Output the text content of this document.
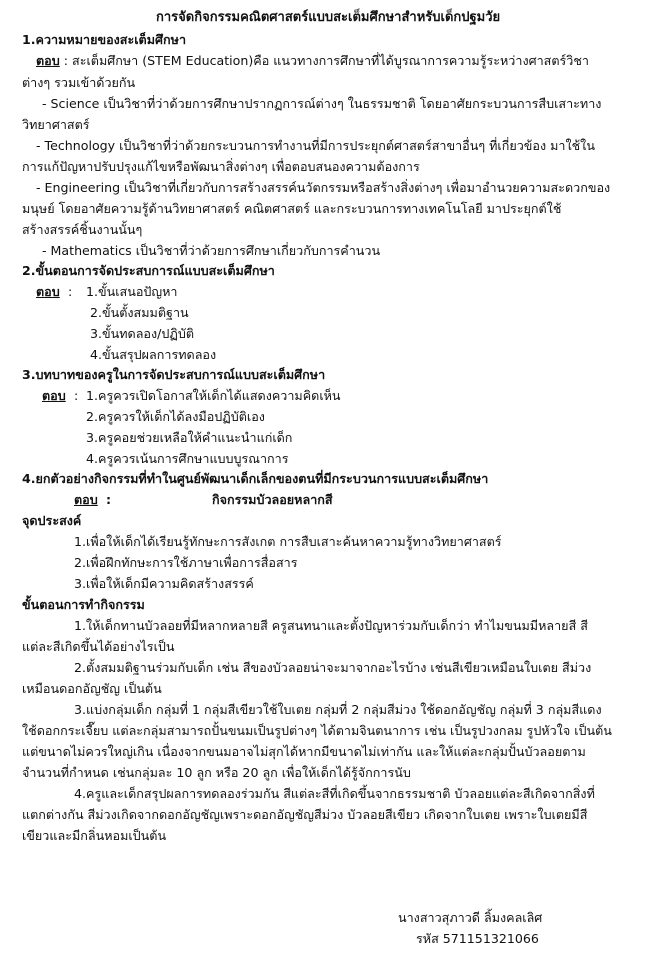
การจัดกิจกรรมคณิตศาสตร์แบบสะเต็มศึกษาสำหรับเด็กปฐมวัย
1.ความหมายของสะเต็มศึกษา
ตอบ : สะเต็มศึกษา (STEM Education)คือ แนวทางการศึกษาที่ได้บูรณาการความรู้ระหว่างศาสตร์วิชา
ต่างๆ รวมเข้าด้วยกัน
- Science เป็นวิชาที่ว่าด้วยการศึกษาปรากฏการณ์ต่างๆ ในธรรมชาติ โดยอาศัยกระบวนการสืบเสาะทาง
วิทยาศาสตร์
- Technology เป็นวิชาที่ว่าด้วยกระบวนการทำงานที่มีการประยุกต์ศาสตร์สาขาอื่นๆ ที่เกี่ยวข้อง มาใช้ใน
การแก้ปัญหาปรับปรุงแก้ไขหรือพัฒนาสิ่งต่างๆ เพื่อตอบสนองความต้องการ
- Engineering เป็นวิชาที่เกี่ยวกับการสร้างสรรค์นวัตกรรมหรือสร้างสิ่งต่างๆ เพื่อมาอำนวยความสะดวกของ
มนุษย์ โดยอาศัยความรู้ด้านวิทยาศาสตร์ คณิตศาสตร์ และกระบวนการทางเทคโนโลยี มาประยุกต์ใช้
สร้างสรรค์ชิ้นงานนั้นๆ
- Mathematics เป็นวิชาที่ว่าด้วยการศึกษาเกี่ยวกับการคำนวน
2.ขั้นตอนการจัดประสบการณ์แบบสะเต็มศึกษา
ตอบ : 1.ขั้นเสนอปัญหา
2.ขั้นตั้งสมมติฐาน
3.ขั้นทดลอง/ปฏิบัติ
4.ขั้นสรุปผลการทดลอง
3.บทบาทของครูในการจัดประสบการณ์แบบสะเต็มศึกษา
ตอบ : 1.ครูควรเปิดโอกาสให้เด็กได้แสดงความคิดเห็น
2.ครูควรให้เด็กได้ลงมือปฏิบัติเอง
3.ครูคอยช่วยเหลือให้คำแนะนำแก่เด็ก
4.ครูควรเน้นการศึกษาแบบบูรณาการ
4.ยกตัวอย่างกิจกรรมที่ทำในศูนย์พัฒนาเด็กเล็กของตนที่มีกระบวนการแบบสะเต็มศึกษา
ตอบ :	กิจกรรมบัวลอยหลากสี
จุดประสงค์
1.เพื่อให้เด็กได้เรียนรู้ทักษะการสังเกต การสืบเสาะค้นหาความรู้ทางวิทยาศาสตร์
2.เพื่อฝึกทักษะการใช้ภาษาเพื่อการสื่อสาร
3.เพื่อให้เด็กมีความคิดสร้างสรรค์
ขั้นตอนการทำกิจกรรม
1.ให้เด็กทานบัวลอยที่มีหลากหลายสี ครูสนทนาและตั้งปัญหาร่วมกับเด็กว่า ทำไมขนมมีหลายสี สี
แต่ละสีเกิดขึ้นได้อย่างไรเป็น
2.ตั้งสมมติฐานร่วมกับเด็ก เช่น สีของบัวลอยน่าจะมาจากอะไรบ้าง เช่นสีเขียวเหมือนใบเตย สีม่วง
เหมือนดอกอัญชัญ เป็นต้น
3.แบ่งกลุ่มเด็ก กลุ่มที่ 1 กลุ่มสีเขียวใช้ใบเตย กลุ่มที่ 2 กลุ่มสีม่วง ใช้ดอกอัญชัญ กลุ่มที่ 3 กลุ่มสีแดง
ใช้ดอกกระเจี๊ยบ แต่ละกลุ่มสามารถปั้นขนมเป็นรูปต่างๆ ได้ตามจินตนาการ เช่น เป็นรูปวงกลม รูปหัวใจ เป็นต้น
แต่ขนาดไม่ควรใหญ่เกิน เนื่องจากขนมอาจไม่สุกได้หากมีขนาดไม่เท่ากัน และให้แต่ละกลุ่มปั้นบัวลอยตาม
จำนวนที่กำหนด เช่นกลุ่มละ 10 ลูก หรือ 20 ลูก เพื่อให้เด็กได้รู้จักการนับ
4.ครูและเด็กสรุปผลการทดลองร่วมกัน สีแต่ละสีที่เกิดขึ้นจากธรรมชาติ บัวลอยแต่ละสีเกิดจากสิ่งที่
แตกต่างกัน สีม่วงเกิดจากดอกอัญชัญเพราะดอกอัญชัญสีม่วง บัวลอยสีเขียว เกิดจากใบเตย เพราะใบเตยมีสี
เขียวและมีกลิ่นหอมเป็นต้น
นางสาวสุภาวดี ลิ้มงคลเลิศ
รหัส 571151321066
